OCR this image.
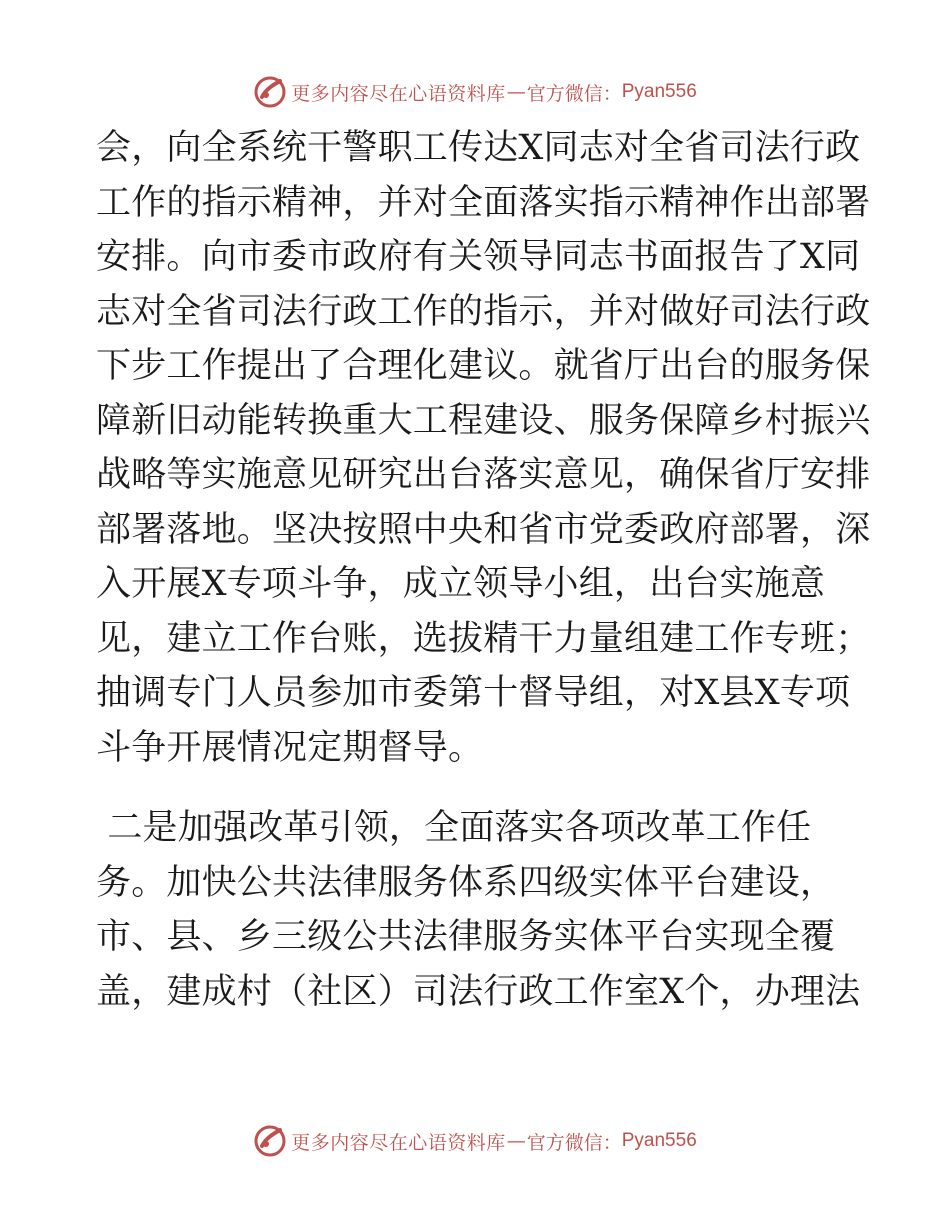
更多内容尽在心语资料库 — 官方微信： Pyan556
会，向全系统干警职工传达X同志对全省司法行政
工作的指示精神，并对全面落实指示精神作出部署
安排。向市委市政府有关领导同志书面报告了X同
志对全省司法行政工作的指示，并对做好司法行政
下步工作提出了合理化建议。就省厅出台的服务保
障新旧动能转换重大工程建设、服务保障乡村振兴
战略等实施意见研究出台落实意见，确保省厅安排
部署落地。坚决按照中央和省市党委政府部署，深
入开展X专项斗争，成立领导小组，出台实施意
见，建立工作台账，选拔精干力量组建工作专班；
抽调专门人员参加市委第十督导组，对X县X专项
斗争开展情况定期督导。
二是加强改革引领，全面落实各项改革工作任
务。加快公共法律服务体系四级实体平台建设，
市、县、乡三级公共法律服务实体平台实现全覆
盖，建成村（社区）司法行政工作室X个，办理法
更多内容尽在心语资料库 — 官方微信： Pyan556
